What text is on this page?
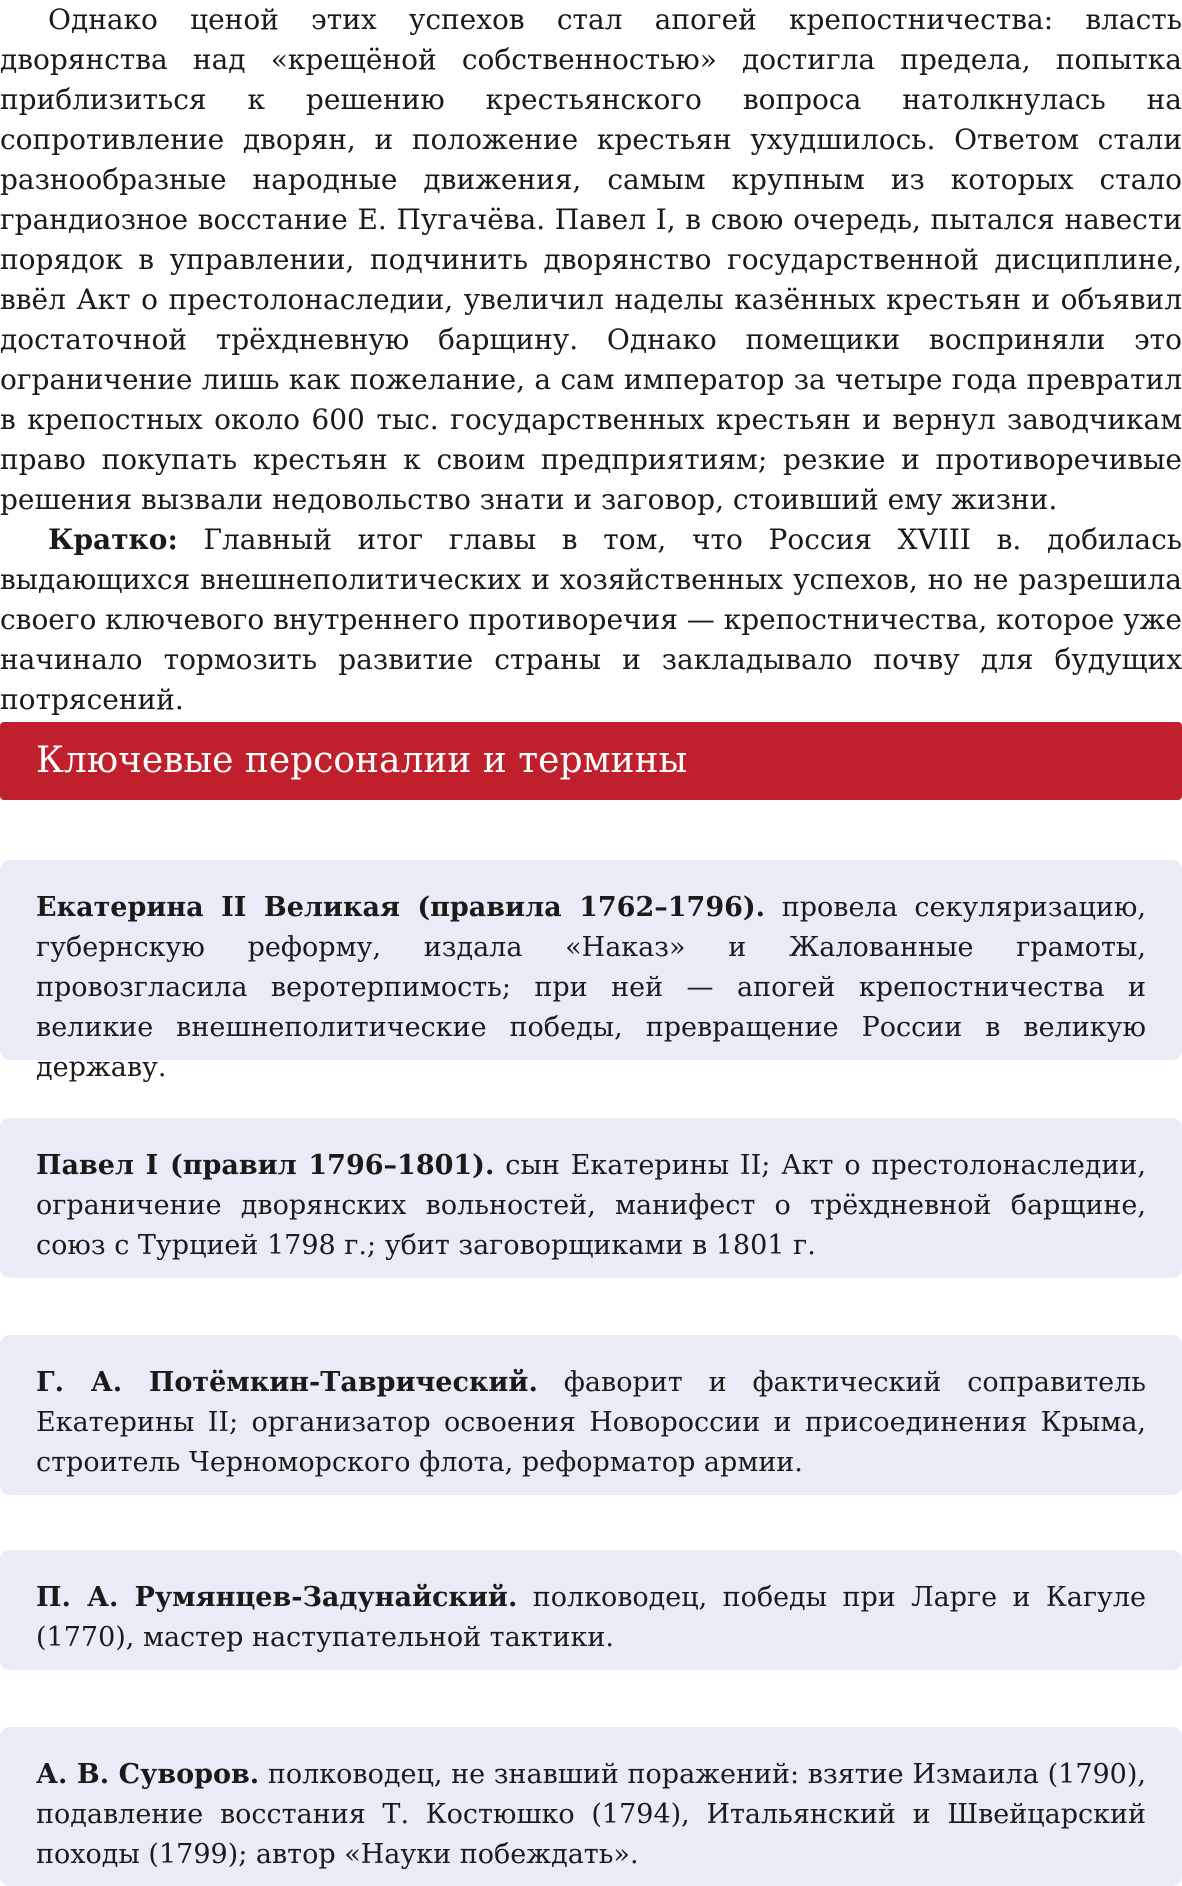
Однако ценой этих успехов стал апогей крепостничества: власть дворянства над «крещёной собственностью» достигла предела, попытка приблизиться к решению крестьянского вопроса натолкнулась на сопротивление дворян, и положение крестьян ухудшилось. Ответом стали разнообразные народные движения, самым крупным из которых стало грандиозное восстание Е. Пугачёва. Павел I, в свою очередь, пытался навести порядок в управлении, подчинить дворянство государственной дисциплине, ввёл Акт о престолонаследии, увеличил наделы казённых крестьян и объявил достаточной трёхдневную барщину. Однако помещики восприняли это ограничение лишь как пожелание, а сам император за четыре года превратил в крепостных около 600 тыс. государственных крестьян и вернул заводчикам право покупать крестьян к своим предприятиям; резкие и противоречивые решения вызвали недовольство знати и заговор, стоивший ему жизни.

Кратко: Главный итог главы в том, что Россия XVIII в. добилась выдающихся внешнеполитических и хозяйственных успехов, но не разрешила своего ключевого внутреннего противоречия — крепостничества, которое уже начинало тормозить развитие страны и закладывало почву для будущих потрясений.

Ключевые персоналии и термины

Екатерина II Великая (правила 1762–1796). провела секуляризацию, губернскую реформу, издала «Наказ» и Жалованные грамоты, провозгласила веротерпимость; при ней — апогей крепостничества и великие внешнеполитические победы, превращение России в великую державу.

Павел I (правил 1796–1801). сын Екатерины II; Акт о престолонаследии, ограничение дворянских вольностей, манифест о трёхдневной барщине, союз с Турцией 1798 г.; убит заговорщиками в 1801 г.

Г. А. Потёмкин-Таврический. фаворит и фактический соправитель Екатерины II; организатор освоения Новороссии и присоединения Крыма, строитель Черноморского флота, реформатор армии.

П. А. Румянцев-Задунайский. полководец, победы при Ларге и Кагуле (1770), мастер наступательной тактики.

А. В. Суворов. полководец, не знавший поражений: взятие Измаила (1790), подавление восстания Т. Костюшко (1794), Итальянский и Швейцарский походы (1799); автор «Науки побеждать».
